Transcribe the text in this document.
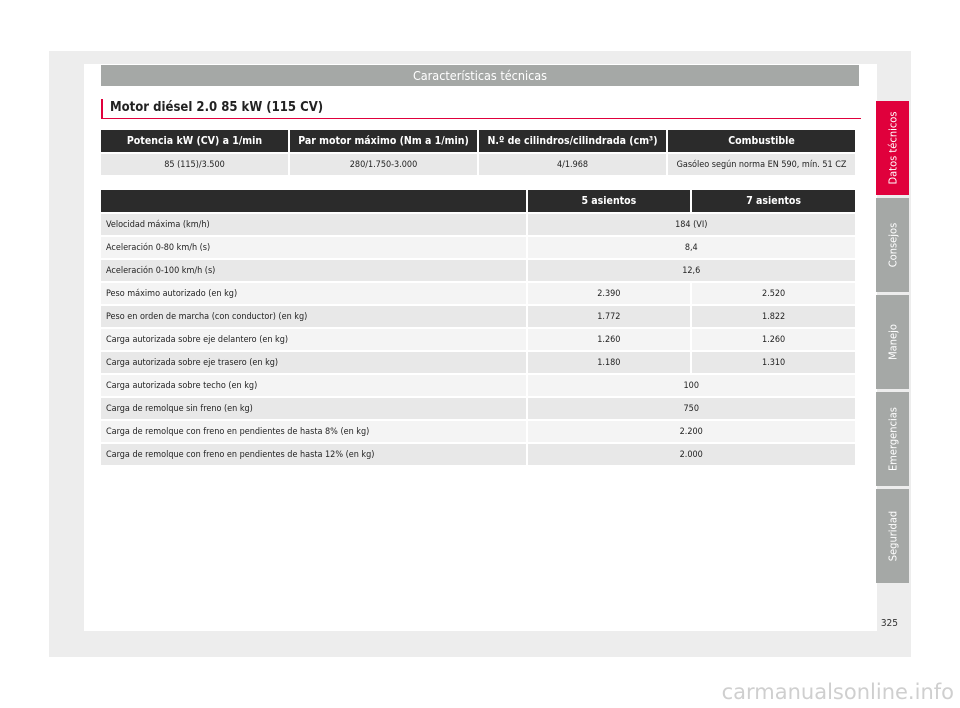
Características técnicas
Motor diésel 2.0 85 kW (115 CV)
Potencia kW (CV) a 1/min	Par motor máximo (Nm a 1/min)	N.º de cilindros/cilindrada (cm³)	Combustible
85 (115)/3.500	280/1.750-3.000	4/1.968	Gasóleo según norma EN 590, mín. 51 CZ
	5 asientos	7 asientos
Velocidad máxima (km/h)	184 (VI)	
Aceleración 0-80 km/h (s)	8,4	
Aceleración 0-100 km/h (s)	12,6	
Peso máximo autorizado (en kg)	2.390	2.520
Peso en orden de marcha (con conductor) (en kg)	1.772	1.822
Carga autorizada sobre eje delantero (en kg)	1.260	1.260
Carga autorizada sobre eje trasero (en kg)	1.180	1.310
Carga autorizada sobre techo (en kg)	100	
Carga de remolque sin freno (en kg)	750	
Carga de remolque con freno en pendientes de hasta 8% (en kg)	2.200	
Carga de remolque con freno en pendientes de hasta 12% (en kg)	2.000	
Datos técnicos
Consejos
Manejo
Emergencias
Seguridad
325
carmanualsonline.info
